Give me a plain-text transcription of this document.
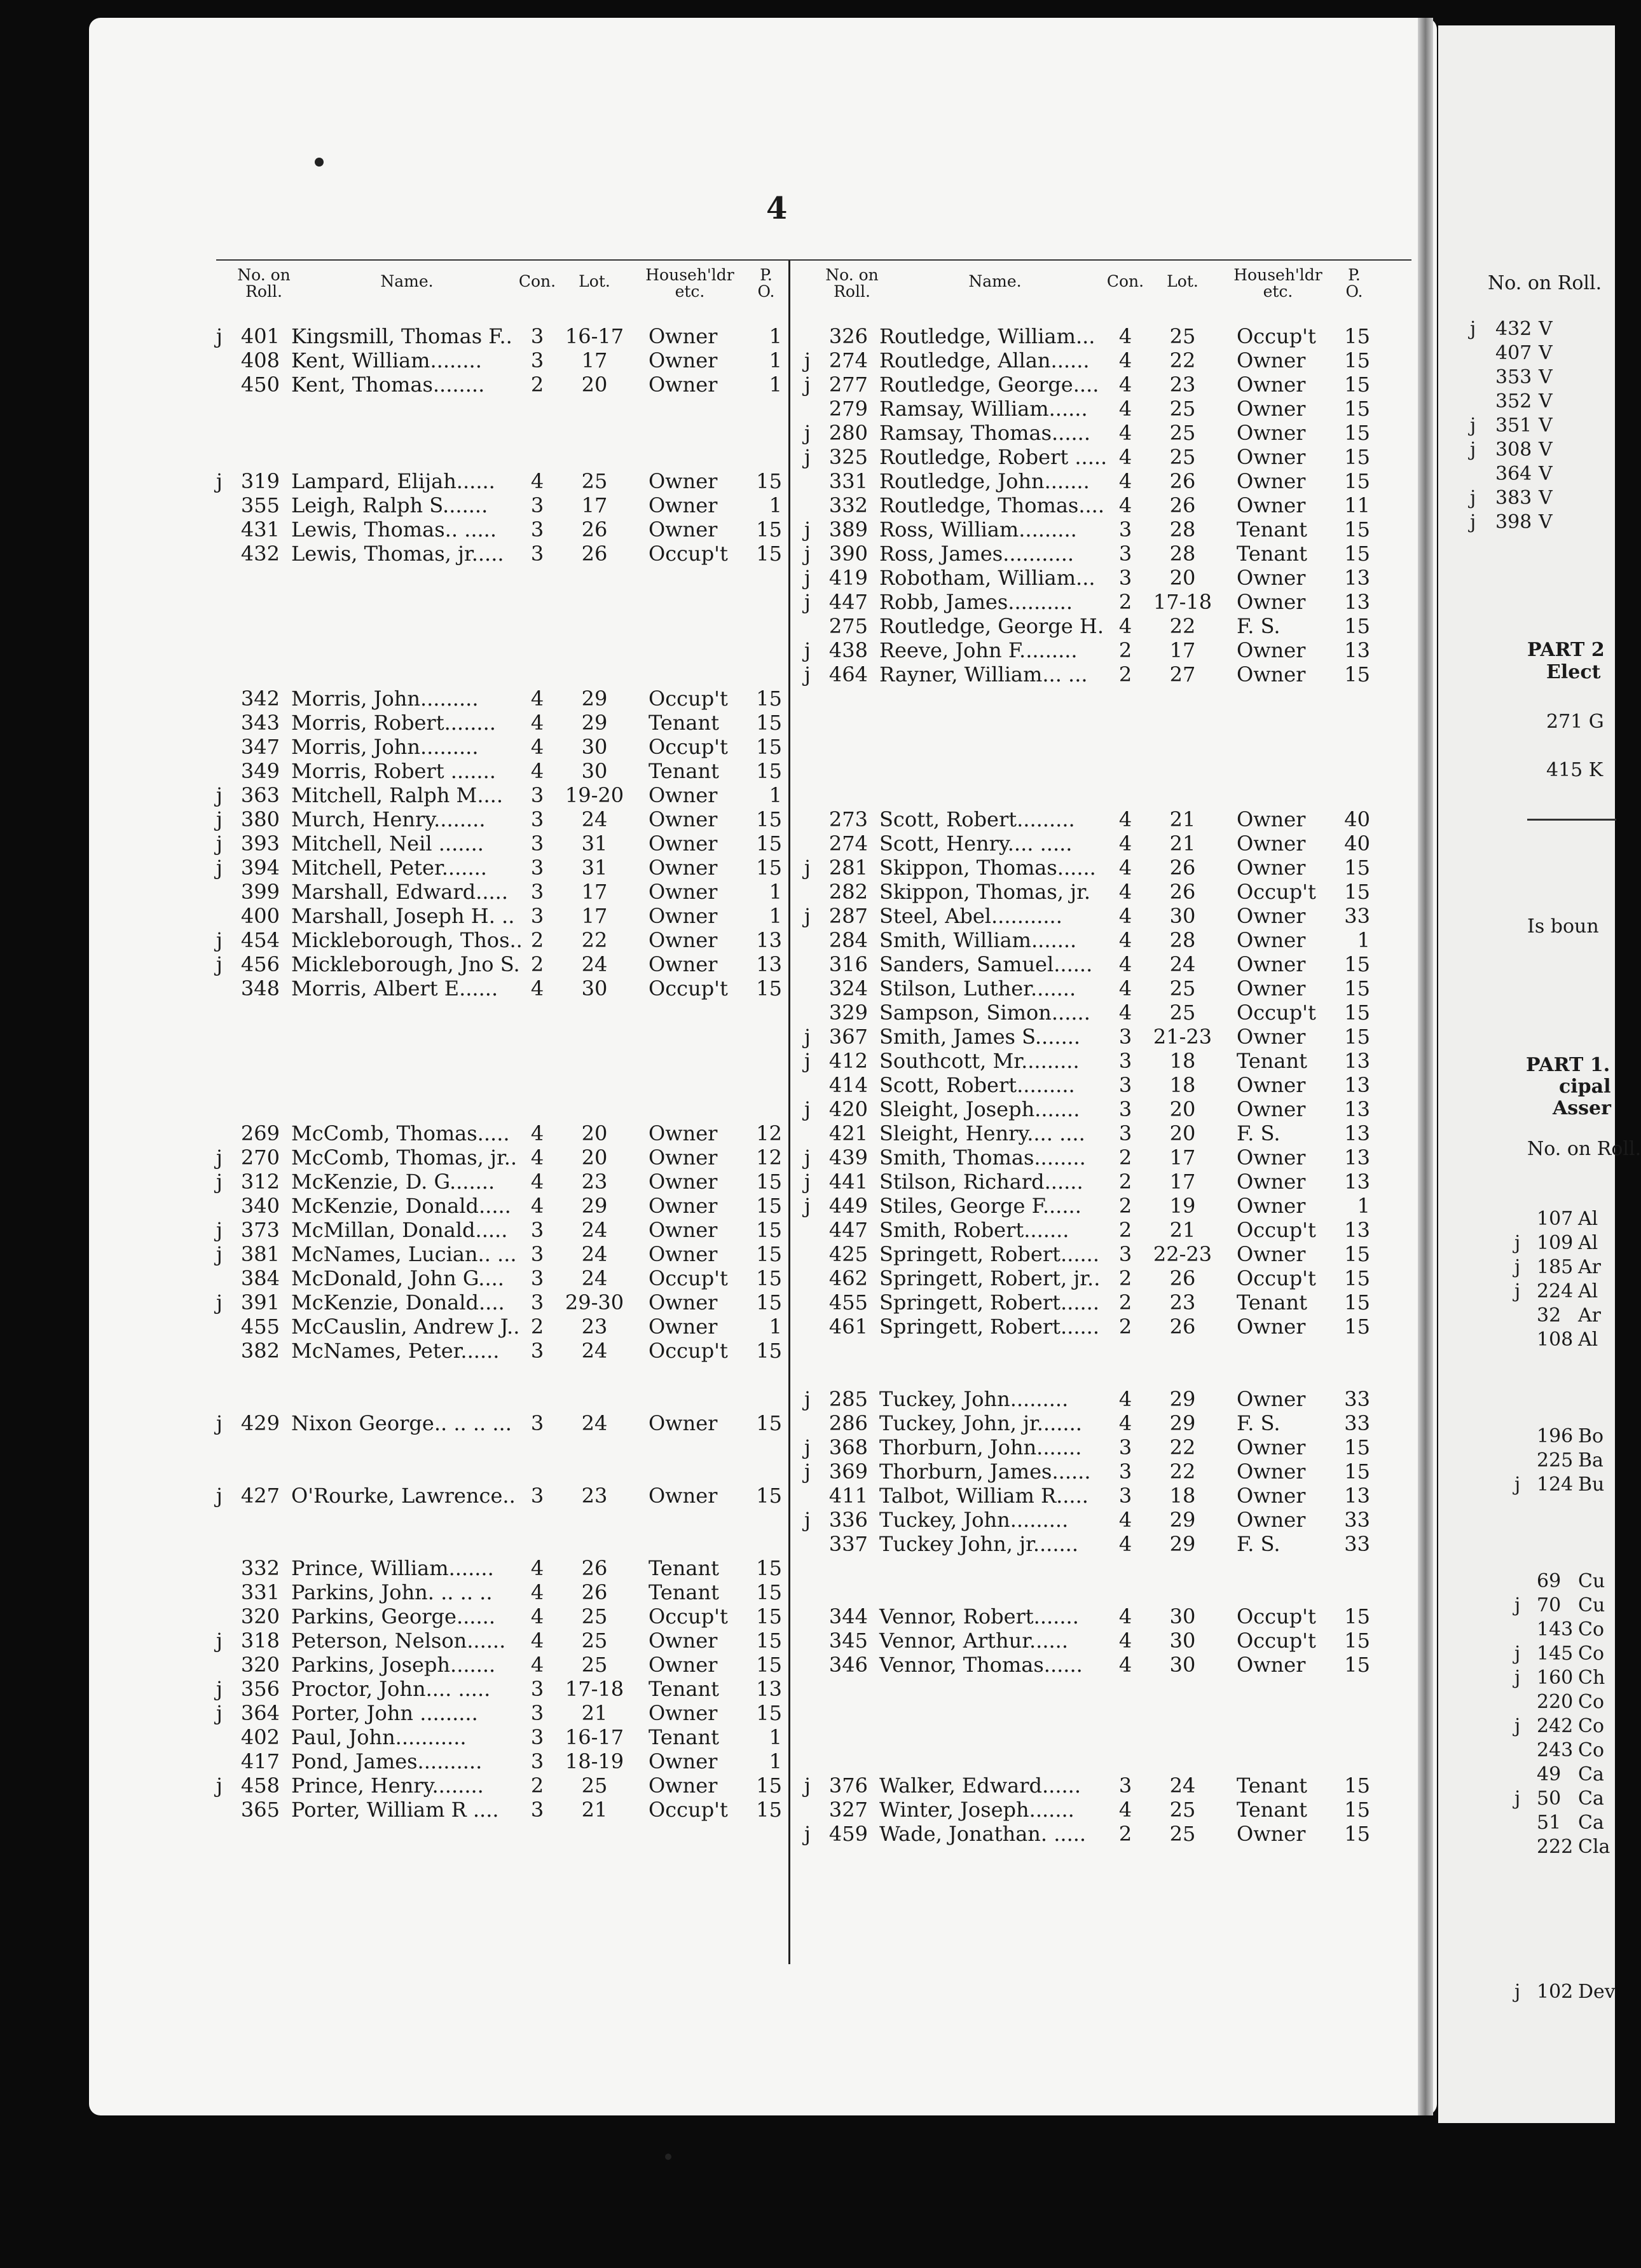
4
No. on Roll.
Name.	Con.	Lot.	Househ'ldr etc.
P. O.
j 401 Kingsmill, Thomas F.. 3 16-17 Owner	1
408 Kent, William........ 3	17	Owner	1
450 Kent, Thomas........ 2	20	Owner	1
j 319 Lampard, Elijah...... 4	25	Owner	15
355 Leigh, Ralph S....... 3	17	Owner	1
431 Lewis, Thomas.. ..... 3	26	Owner	15
432 Lewis, Thomas, jr..... 3	26	Occup't	15
342 Morris, John.........	4	29	Occup't	15
343 Morris, Robert........ 4	29	Tenant	15
347 Morris, John.........	4	30	Occup't	15
349 Morris, Robert ....... 4	30	Tenant	15
j 363 Mitchell, Ralph M.... 3 19-20 Owner	1
j 380 Murch, Henry........ 3	24	Owner	15
j 393 Mitchell, Neil ....... 3	31	Owner	15
j 394 Mitchell, Peter....... 3	31	Owner	15
399 Marshall, Edward..... 3	17	Owner	1
400 Marshall, Joseph H. .. 3	17	Owner	1
j 454 Mickleborough, Thos.. 2	22	Owner	13
j 456 Mickleborough, Jno S. 2	24	Owner	13
348 Morris, Albert E...... 4	30	Occup't	15
269 McComb, Thomas..... 4	20	Owner	12
j 270 McComb, Thomas, jr.. 4	20	Owner	12
j 312 McKenzie, D. G....... 4	23	Owner	15
340 McKenzie, Donald..... 4	29	Owner	15
j 373 McMillan, Donald..... 3	24	Owner	15
j 381 McNames, Lucian.. ... 3	24	Owner	15
384 McDonald, John G.... 3	24	Occup't	15
j 391 McKenzie, Donald.... 3 29-30 Owner	15
455 McCauslin, Andrew J.. 2	23	Owner	1
382 McNames, Peter...... 3	24	Occup't	15
j 429 Nixon George.. .. .. ... 3	24	Owner	15
j 427 O'Rourke, Lawrence.. 3	23	Owner	15
332 Prince, William....... 4	26	Tenant	15
331 Parkins, John. .. .. .. 4	26	Tenant	15
320 Parkins, George...... 4	25	Occup't	15
j 318 Peterson, Nelson...... 4	25	Owner	15
320 Parkins, Joseph....... 4	25	Owner	15
j 356 Proctor, John.... ..... 3 17-18 Tenant	13
j 364 Porter, John .........	3	21	Owner	15
402 Paul, John...........	3 16-17 Tenant	1
417 Pond, James.......... 3 18-19 Owner	1
j 458 Prince, Henry........ 2	25	Owner	15
365 Porter, William R .... 3	21	Occup't	15
No. on Roll.
Name.	Con.	Lot.	Househ'ldr etc.
P. O.
326 Routledge, William... 4	25	Occup't	15
j 274 Routledge, Allan...... 4	22	Owner	15
j 277 Routledge, George.... 4	23	Owner	15
279 Ramsay, William...... 4	25	Owner	15
j 280 Ramsay, Thomas...... 4	25	Owner	15
j 325 Routledge, Robert ..... 4	25	Owner	15
331 Routledge, John....... 4	26	Owner	15
332 Routledge, Thomas.... 4	26	Owner	11
j 389 Ross, William......... 3	28	Tenant	15
j 390 Ross, James........... 3	28	Tenant	15
j 419 Robotham, William... 3	20	Owner	13
j 447 Robb, James.......... 2 17-18 Owner	13
275 Routledge, George H. 4	22	F. S.	15
j 438 Reeve, John F......... 2	17	Owner	13
j 464 Rayner, William... ... 2	27	Owner	15
273 Scott, Robert......... 4	21	Owner	40
274 Scott, Henry.... ..... 4	21	Owner	40
j 281 Skippon, Thomas...... 4	26	Owner	15
282 Skippon, Thomas, jr. 4	26	Occup't	15
j 287 Steel, Abel...........	4	30	Owner	33
284 Smith, William....... 4	28	Owner	1
316 Sanders, Samuel...... 4	24	Owner	15
324 Stilson, Luther....... 4	25	Owner	15
329 Sampson, Simon...... 4	25	Occup't	15
j 367 Smith, James S....... 3 21-23 Owner	15
j 412 Southcott, Mr......... 3	18	Tenant	13
414 Scott, Robert......... 3	18	Owner	13
j 420 Sleight, Joseph....... 3	20	Owner	13
421 Sleight, Henry.... .... 3	20	F. S.	13
j 439 Smith, Thomas........ 2	17	Owner	13
j 441 Stilson, Richard...... 2	17	Owner	13
j 449 Stiles, George F...... 2	19	Owner	1
447 Smith, Robert....... 2	21	Occup't	13
425 Springett, Robert...... 3 22-23 Owner	15
462 Springett, Robert, jr.. 2	26	Occup't	15
455 Springett, Robert...... 2	23	Tenant	15
461 Springett, Robert...... 2	26	Owner	15
j 285 Tuckey, John......... 4	29	Owner	33
286 Tuckey, John, jr....... 4	29	F. S.	33
j 368 Thorburn, John....... 3	22	Owner	15
j 369 Thorburn, James...... 3	22	Owner	15
411 Talbot, William R..... 3	18	Owner	13
j 336 Tuckey, John......... 4	29	Owner	33
337 Tuckey John, jr....... 4	29	F. S.	33
344 Vennor, Robert....... 4	30	Occup't	15
345 Vennor, Arthur...... 4	30	Occup't	15
346 Vennor, Thomas...... 4	30	Owner	15
j 376 Walker, Edward...... 3	24	Tenant	15
327 Winter, Joseph....... 4	25	Tenant	15
j 459 Wade, Jonathan. ..... 2	25	Owner	15
No. on Roll.
j 432 V
407 V
353 V
352 V
j 351 V
j 308 V
364 V
j 383 V
j 398 V
PART 2
Elect
271 G
415 K
Is boun
PART 1.
cipal
Asser
No. on Roll.
107 Al
j 109 Al
j 185 Ar
j 224 Al
32 Ar
108 Al
196 Bo
225 Ba
j 124 Bu
69 Cu
j 70 Cu
143 Co
j 145 Co
j 160 Ch
220 Co
j 242 Co
243 Co
49 Ca
j 50 Ca
51 Ca
222 Cla
j 102 Dev
